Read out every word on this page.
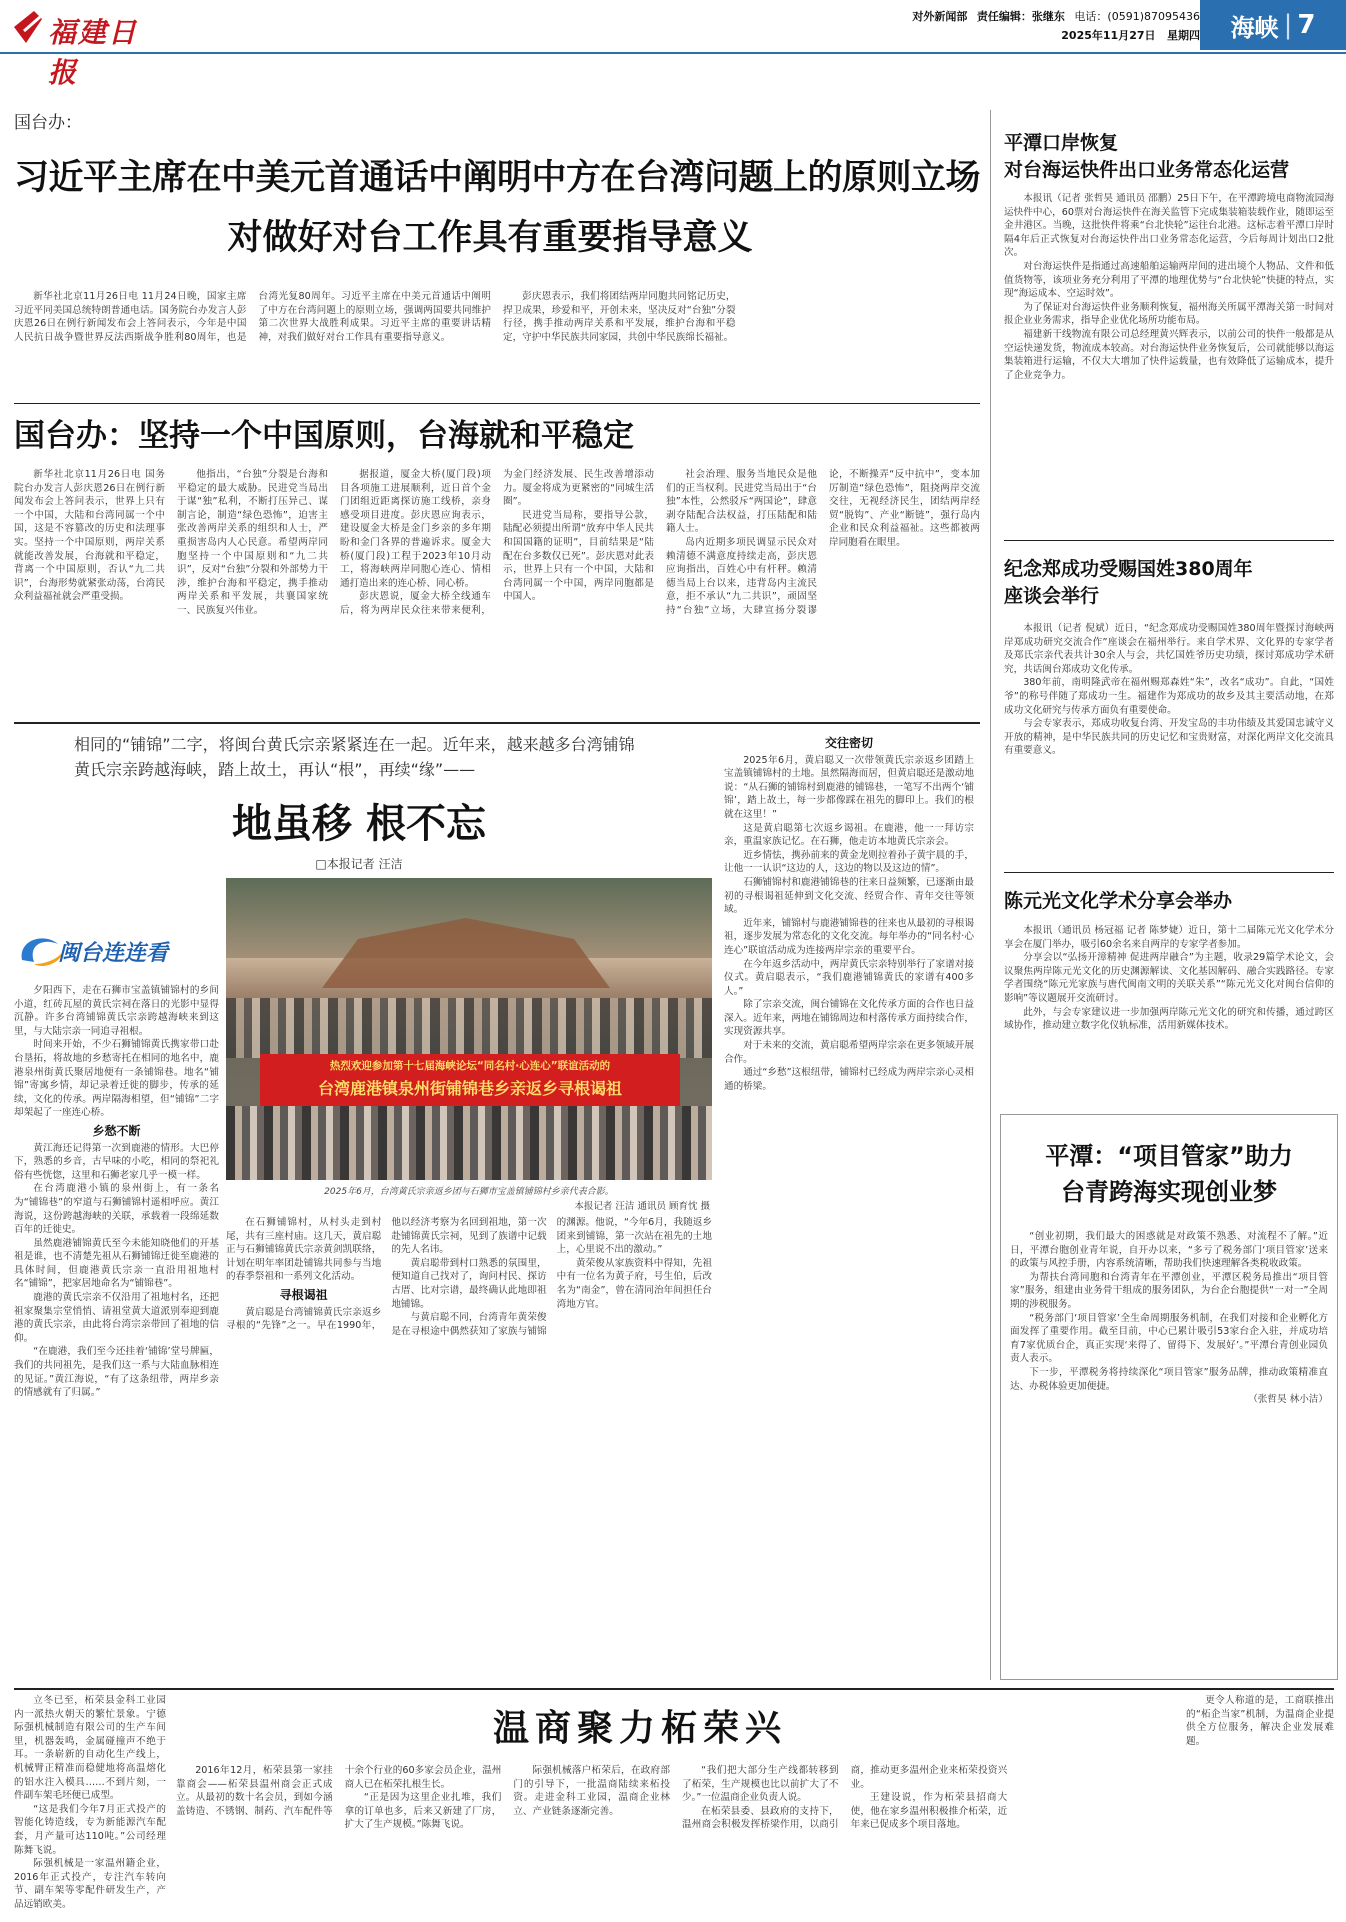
福建日报
对外新闻部 责任编辑：张继东 电话：(0591)87095436
2025年11月27日 星期四 海峡 | 7
国台办：
习近平主席在中美元首通话中阐明中方在台湾问题上的原则立场
对做好对台工作具有重要指导意义

新华社北京11月26日电 11月24日晚，国家主席习近平同美国总统特朗普通电话。国务院台办发言人彭庆恩26日在例行新闻发布会上答问表示，今年是中国人民抗日战争暨世界反法西斯战争胜利80周年，也是台湾光复80周年。习近平主席在中美元首通话中阐明了中方在台湾问题上的原则立场，强调两国要共同维护第二次世界大战胜利成果。习近平主席的重要讲话精神，对我们做好对台工作具有重要指导意义。

彭庆恩表示，我们将团结两岸同胞共同铭记历史，捍卫成果，珍爱和平，开创未来，坚决反对“台独”分裂行径，携手推动两岸关系和平发展，维护台海和平稳定，守护中华民族共同家园，共创中华民族绵长福祉。

国台办：坚持一个中国原则，台海就和平稳定

新华社北京11月26日电 国务院台办发言人彭庆恩26日在例行新闻发布会上答问表示，世界上只有一个中国，大陆和台湾同属一个中国，这是不容篡改的历史和法理事实。坚持一个中国原则，两岸关系就能改善发展，台海就和平稳定，背离一个中国原则，否认“九二共识”，台海形势就紧张动荡，台湾民众利益福祉就会严重受损。

他指出，“台独”分裂是台海和平稳定的最大威胁。民进党当局出于谋“独”私利，不断打压异己、谋制言论，制造“绿色恐怖”，迫害主张改善两岸关系的组织和人士，严重损害岛内人心民意。希望两岸同胞坚持一个中国原则和“九二共识”，反对“台独”分裂和外部势力干涉，维护台海和平稳定，携手推动两岸关系和平发展，共襄国家统一、民族复兴伟业。

据报道，厦金大桥(厦门段)项目各项施工进展顺利，近日首个金门团组近距离探访施工线桥，亲身感受项目进度。彭庆恩应询表示，建设厦金大桥是金门乡亲的多年期盼和金门各界的普遍诉求。厦金大桥(厦门段)工程于2023年10月动工，将海峡两岸同胞心连心、情相通打造出来的连心桥、同心桥。

彭庆恩说，厦金大桥全线通车后，将为两岸民众往来带来便利，为金门经济发展、民生改善增添动力。厦金将成为更紧密的“同城生活圈”。

民进党当局称，要指导公款，陆配必须提出所谓“放弃中华人民共和国国籍的证明”，目前结果是“陆配在台多数仅已死”。彭庆恩对此表示，世界上只有一个中国，大陆和台湾同属一个中国，两岸同胞都是中国人。

社会治理、服务当地民众是他们的正当权利。民进党当局出于“台独”本性，公然驳斥“两国论”，肆意剥夺陆配合法权益，打压陆配和陆籍人士。

岛内近期多项民调显示民众对赖清德不满意度持续走高，彭庆恩应询指出，百姓心中有杆秤。赖清德当局上台以来，违背岛内主流民意，拒不承认“九二共识”，顽固坚持“台独”立场，大肆宣扬分裂谬论，不断操弄“反中抗中”，变本加厉制造“绿色恐怖”，阻挠两岸交流交往，无视经济民生，团结两岸经贸“脱钩”、产业“断链”，强行岛内企业和民众利益福祉。这些都被两岸同胞看在眼里。

相同的“铺锦”二字，将闽台黄氏宗亲紧紧连在一起。近年来，越来越多台湾铺锦
黄氏宗亲跨越海峡，踏上故土，再认“根”，再续“缘”——
地虽移 根不忘
□本报记者 汪洁
闽台连连看
热烈欢迎参加第十七届海峡论坛“同名村·心连心”联谊活动的
台湾鹿港镇泉州街铺锦巷乡亲返乡寻根谒祖
2025年6月，台湾黄氏宗亲返乡团与石狮市宝盖镇铺锦村乡亲代表合影。
本报记者 汪洁 通讯员 顾育忱 摄

夕阳西下，走在石狮市宝盖镇铺锦村的乡间小道，红砖瓦屋的黄氏宗祠在落日的光影中显得沉静。许多台湾铺锦黄氏宗亲跨越海峡来到这里，与大陆宗亲一同追寻祖根。

时间来开始，不少石狮铺锦黄氏携家带口赴台垦拓，将故地的乡愁寄托在相同的地名中，鹿港泉州街黄氏聚居地便有一条铺锦巷。地名“铺锦”寄寓乡情，却记录着迁徙的脚步，传承的延续，文化的传承。两岸隔海相望，但“铺锦”二字却架起了一座连心桥。

乡愁不断

黄江海还记得第一次到鹿港的情形。大巴停下，熟悉的乡音，古早味的小吃，相同的祭祀礼俗有些恍惚，这里和石狮老家几乎一模一样。

在台湾鹿港小镇的泉州街上，有一条名为“铺锦巷”的窄道与石狮铺锦村遥相呼应。黄江海说，这份跨越海峡的关联，承载着一段绵延数百年的迁徙史。

虽然鹿港铺锦黄氏至今未能知晓他们的开基祖是谁，也不清楚先祖从石狮铺锦迁徙至鹿港的具体时间，但鹿港黄氏宗亲一直沿用祖地村名“铺锦”，把家居地命名为“铺锦巷”。

鹿港的黄氏宗亲不仅沿用了祖地村名，还把祖家聚集宗堂悄悄、请祖堂黄大道派别奉迎到鹿港的黄氏宗亲，由此将台湾宗亲带回了祖地的信仰。

“在鹿港，我们至今还挂着‘铺锦’堂号牌匾，我们的共同祖先，是我们这一系与大陆血脉相连的见证。”黄江海说，“有了这条纽带，两岸乡亲的情感就有了归属。”

在石狮铺锦村，从村头走到村尾，共有三座村庙。这几天，黄启聪正与石狮铺锦黄氏宗亲黄剑凯联络，计划在明年率团赴铺锦共同参与当地的春季祭祖和一系列文化活动。

寻根谒祖

黄启聪是台湾铺锦黄氏宗亲返乡寻根的“先锋”之一。早在1990年，他以经济考察为名回到祖地，第一次赴铺锦黄氏宗祠，见到了族谱中记载的先人名讳。

黄启聪带到村口熟悉的氛围里，便知道自己找对了，询问村民、探访古厝、比对宗谱，最终确认此地即祖地铺锦。

与黄启聪不同，台湾青年黄荣俊是在寻根途中偶然获知了家族与铺锦的渊源。他说，“今年6月，我随返乡团来到铺锦，第一次站在祖先的土地上，心里说不出的激动。”

黄荣俊从家族资料中得知，先祖中有一位名为黄子府，号生伯，后改名为“南金”，曾在清同治年间担任台湾地方官。

交往密切

2025年6月，黄启聪又一次带领黄氏宗亲返乡团踏上宝盖镇铺锦村的土地。虽然隔海而居，但黄启聪还是激动地说：“从石狮的铺锦村到鹿港的铺锦巷，一笔写不出两个‘铺锦’，踏上故土，每一步都像踩在祖先的脚印上。我们的根就在这里！”

这是黄启聪第七次返乡谒祖。在鹿港，他一一拜访宗亲，重温家族记忆。在石狮，他走访本地黄氏宗亲会。

近乡情怯，携孙前来的黄金龙则拉着孙子黄宇晨的手，让他一一认识“这边的人，这边的物以及这边的情”。

石狮铺锦村和鹿港铺锦巷的往来日益频繁，已逐渐由最初的寻根谒祖延伸到文化交流、经贸合作、青年交往等领域。

近年来，铺锦村与鹿港铺锦巷的往来也从最初的寻根谒祖，逐步发展为常态化的文化交流。每年举办的“同名村·心连心”联谊活动成为连接两岸宗亲的重要平台。

在今年返乡活动中，两岸黄氏宗亲特别举行了家谱对接仪式。黄启聪表示，“我们鹿港铺锦黄氏的家谱有400多人。”

除了宗亲交流，闽台铺锦在文化传承方面的合作也日益深入。近年来，两地在铺锦周边和村落传承方面持续合作，实现资源共享。

对于未来的交流，黄启聪希望两岸宗亲在更多领域开展合作。

通过“乡愁”这根纽带，铺锦村已经成为两岸宗亲心灵相通的桥梁。

平潭口岸恢复
对台海运快件出口业务常态化运营

本报讯（记者 张哲昊 通讯员 邵鹏）25日下午，在平潭跨境电商物流园海运快件中心，60票对台海运快件在海关监管下完成集装箱装载作业，随即运至金井港区。当晚，这批快件将乘“台北快轮”运往台北港。这标志着平潭口岸时隔4年后正式恢复对台海运快件出口业务常态化运营，今后每周计划出口2批次。

对台海运快件是指通过高速船舶运输两岸间的进出境个人物品、文件和低值货物等，该项业务充分利用了平潭的地理优势与“台北快轮”快捷的特点，实现“海运成本、空运时效”。

为了保证对台海运快件业务顺利恢复，福州海关所属平潭海关第一时间对报企业业务需求，指导企业优化场所功能布局。

福建新干线物流有限公司总经理黄兴辉表示，以前公司的快件一般都是从空运快递发货，物流成本较高。对台海运快件业务恢复后，公司就能够以海运集装箱进行运输，不仅大大增加了快件运载量，也有效降低了运输成本，提升了企业竞争力。

纪念郑成功受赐国姓380周年
座谈会举行

本报讯（记者 倪斌）近日，“纪念郑成功受赐国姓380周年暨探讨海峡两岸郑成功研究交流合作”座谈会在福州举行。来自学术界、文化界的专家学者及郑氏宗亲代表共计30余人与会，共忆国姓爷历史功绩，探讨郑成功学术研究，共话闽台郑成功文化传承。

380年前，南明隆武帝在福州赐郑森姓“朱”，改名“成功”。自此，“国姓爷”的称号伴随了郑成功一生。福建作为郑成功的故乡及其主要活动地，在郑成功文化研究与传承方面负有重要使命。

与会专家表示，郑成功收复台湾、开发宝岛的丰功伟绩及其爱国忠诚守义开放的精神，是中华民族共同的历史记忆和宝贵财富，对深化两岸文化交流具有重要意义。

陈元光文化学术分享会举办

本报讯（通讯员 杨冠福 记者 陈梦婕）近日，第十二届陈元光文化学术分享会在厦门举办，吸引60余名来自两岸的专家学者参加。

分享会以“弘扬开漳精神 促进两岸融合”为主题，收录29篇学术论文，会议聚焦两岸陈元光文化的历史渊源解读、文化基因解码、融合实践路径。专家学者围绕“陈元光家族与唐代闽南文明的关联关系”“陈元光文化对闽台信仰的影响”等议题展开交流研讨。

此外，与会专家建议进一步加强两岸陈元光文化的研究和传播，通过跨区域协作，推动建立数字化仪轨标准，活用新媒体技术。

平潭：“项目管家”助力
台青跨海实现创业梦

“创业初期，我们最大的困惑就是对政策不熟悉、对流程不了解。”近日，平潭台胞创业青年说，自开办以来，“多亏了税务部门‘项目管家’送来的政策与风控手册，内容系统清晰，帮助我们快速理解各类税收政策。

为帮扶台湾同胞和台湾青年在平潭创业，平潭区税务局推出“项目管家”服务，组建由业务骨干组成的服务团队，为台企台胞提供“一对一”全周期的涉税服务。

“税务部门‘项目管家’全生命周期服务机制，在我们对接和企业孵化方面发挥了重要作用。截至目前，中心已累计吸引53家台企入驻，并成功培育7家优质台企，真正实现‘来得了、留得下、发展好’。”平潭台青创业园负责人表示。

下一步，平潭税务将持续深化“项目管家”服务品牌，推动政策精准直达、办税体验更加便捷。

（张哲昊 林小洁）

温商聚力柘荣兴

立冬已至，柘荣县金科工业园内一派热火朝天的繁忙景象。宁德际强机械制造有限公司的生产车间里，机器轰鸣，金属碰撞声不绝于耳。一条崭新的自动化生产线上，机械臂正精准而稳健地将高温熔化的铝水注入模具……不到片刻，一件副车架毛坯便已成型。

“这是我们今年7月正式投产的智能化铸造线，专为新能源汽车配套，月产量可达110吨。”公司经理陈舞飞说。

际强机械是一家温州籍企业，2016年正式投产，专注汽车转向节、副车架等零配件研发生产，产品远销欧美。

2016年12月，柘荣县第一家挂靠商会——柘荣县温州商会正式成立。从最初的数十名会员，到如今涵盖铸造、不锈钢、制药、汽车配件等十余个行业的60多家会员企业，温州商人已在柘荣扎根生长。

“正是因为这里企业扎堆，我们拿的订单也多，后来又新建了厂房，扩大了生产规模。”陈舞飞说。

际强机械落户柘荣后，在政府部门的引导下，一批温商陆续来柘投资。走进金科工业园，温商企业林立、产业链条逐渐完善。

“我们把大部分生产线都转移到了柘荣，生产规模也比以前扩大了不少。”一位温商企业负责人说。

在柘荣县委、县政府的支持下，温州商会积极发挥桥梁作用，以商引商，推动更多温州企业来柘荣投资兴业。

王建设说，作为柘荣县招商大使，他在家乡温州积极推介柘荣，近年来已促成多个项目落地。

更令人称道的是，工商联推出的“柘企当家”机制，为温商企业提供全方位服务，解决企业发展难题。
